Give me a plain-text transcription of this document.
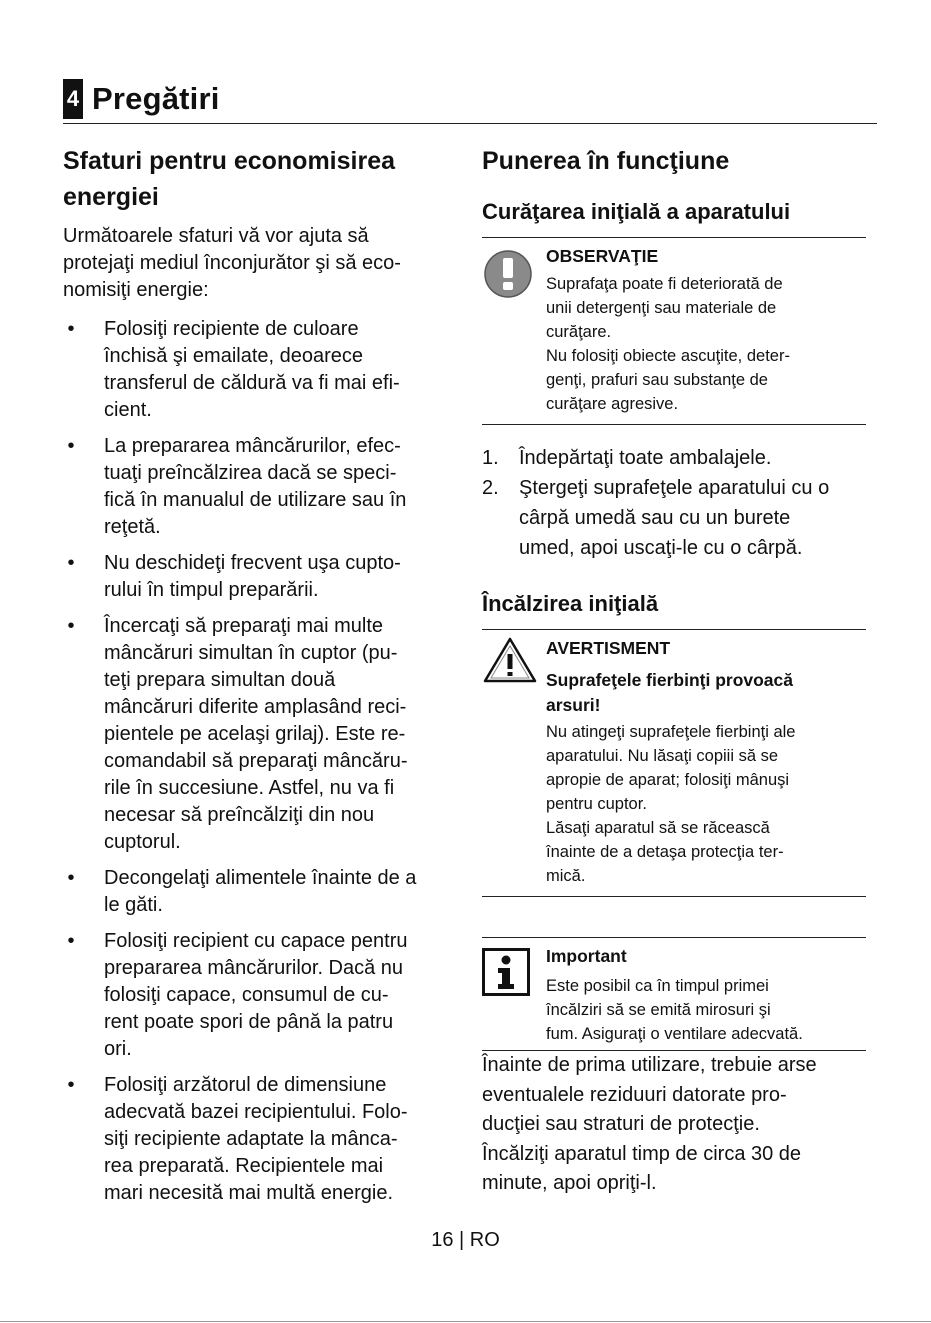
4 Pregătiri
Sfaturi pentru economisirea
energiei

Următoarele sfaturi vă vor ajuta să
protejaţi mediul înconjurător şi să eco-
nomisiţi energie:

• Folosiţi recipiente de culoare
închisă şi emailate, deoarece
transferul de căldură va fi mai efi-
cient.
• La prepararea mâncărurilor, efec-
tuaţi preîncălzirea dacă se speci-
fică în manualul de utilizare sau în
reţetă.
• Nu deschideţi frecvent uşa cupto-
rului în timpul preparării.
• Încercaţi să preparaţi mai multe
mâncăruri simultan în cuptor (pu-
teţi prepara simultan două
mâncăruri diferite amplasând reci-
pientele pe acelaşi grilaj). Este re-
comandabil să preparaţi mâncăru-
rile în succesiune. Astfel, nu va fi
necesar să preîncălziţi din nou
cuptorul.
• Decongelaţi alimentele înainte de a
le găti.
• Folosiţi recipient cu capace pentru
prepararea mâncărurilor. Dacă nu
folosiţi capace, consumul de cu-
rent poate spori de până la patru
ori.
• Folosiţi arzătorul de dimensiune
adecvată bazei recipientului. Folo-
siţi recipiente adaptate la mânca-
rea preparată. Recipientele mai
mari necesită mai multă energie.
Punerea în funcţiune
Curăţarea iniţială a aparatului
OBSERVAŢIE
Suprafaţa poate fi deteriorată de
unii detergenţi sau materiale de
curăţare.
Nu folosiţi obiecte ascuţite, deter-
genţi, prafuri sau substanţe de
curăţare agresive.
1. Îndepărtaţi toate ambalajele.
2. Ştergeţi suprafeţele aparatului cu o
cârpă umedă sau cu un burete
umed, apoi uscaţi-le cu o cârpă.
Încălzirea iniţială
AVERTISMENT
Suprafeţele fierbinţi provoacă
arsuri!
Nu atingeţi suprafeţele fierbinţi ale
aparatului. Nu lăsaţi copiii să se
apropie de aparat; folosiţi mânuşi
pentru cuptor.
Lăsaţi aparatul să se răcească
înainte de a detaşa protecţia ter-
mică.
Important
Este posibil ca în timpul primei
încălziri să se emită mirosuri şi
fum. Asiguraţi o ventilare adecvată.

Înainte de prima utilizare, trebuie arse
eventualele reziduuri datorate pro-
ducţiei sau straturi de protecţie.
Încălziţi aparatul timp de circa 30 de
minute, apoi opriţi-l.

16 | RO
